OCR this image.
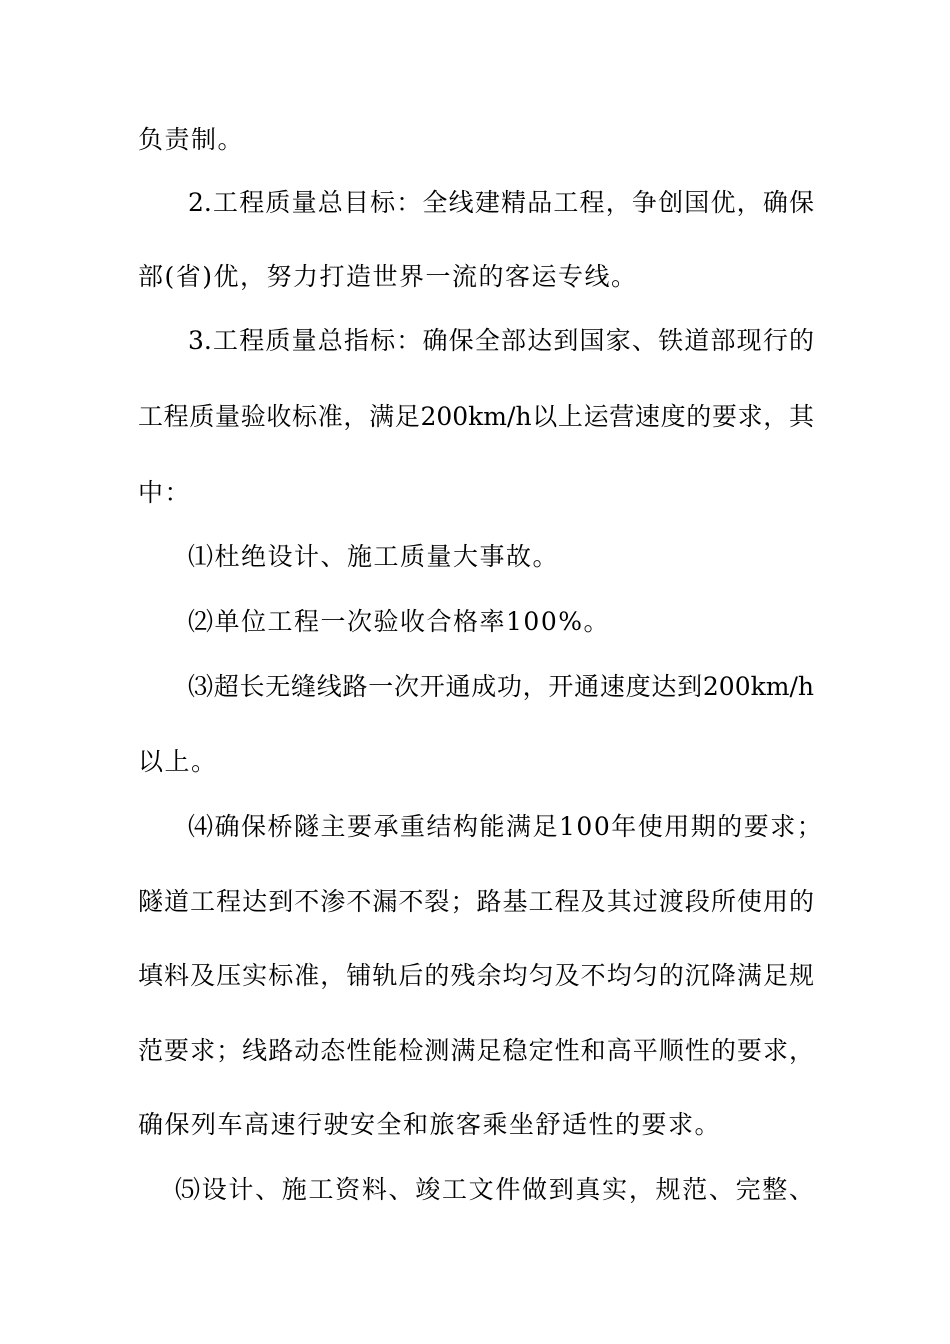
负责制。
2.工程质量总目标：全线建精品工程，争创国优，确保
部(省)优，努力打造世界一流的客运专线。
3.工程质量总指标：确保全部达到国家、铁道部现行的
工程质量验收标准，满足200km/h以上运营速度的要求，其
中：
⑴杜绝设计、施工质量大事故。
⑵单位工程一次验收合格率100%。
⑶超长无缝线路一次开通成功，开通速度达到200km/h
以上。
⑷确保桥隧主要承重结构能满足100年使用期的要求；
隧道工程达到不渗不漏不裂；路基工程及其过渡段所使用的
填料及压实标准，铺轨后的残余均匀及不均匀的沉降满足规
范要求；线路动态性能检测满足稳定性和高平顺性的要求，
确保列车高速行驶安全和旅客乘坐舒适性的要求。
⑸设计、施工资料、竣工文件做到真实，规范、完整、
